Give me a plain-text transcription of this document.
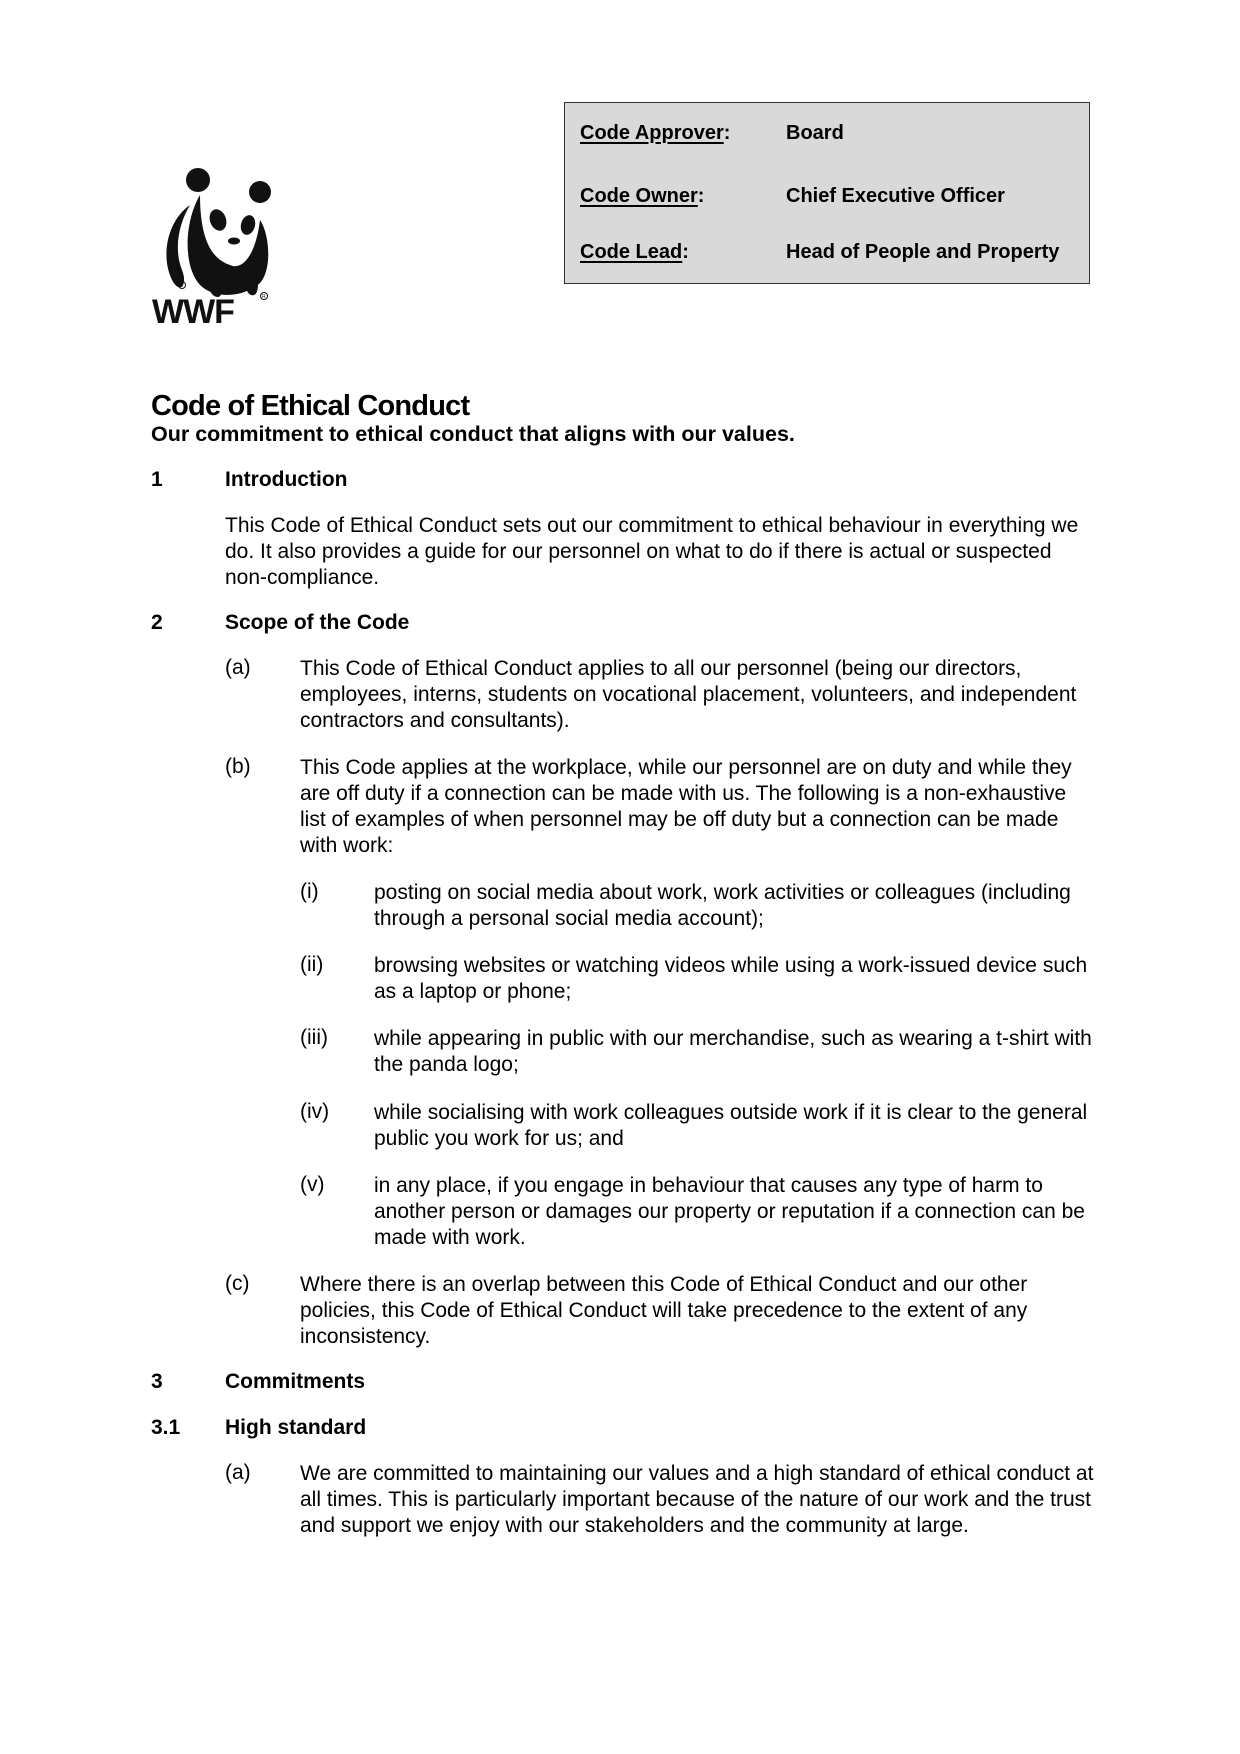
c
R
WWF
Code Approver:	Board
Code Owner:	Chief Executive Officer
Code Lead:	Head of People and Property
Code of Ethical Conduct
Our commitment to ethical conduct that aligns with our values.
1	Introduction
This Code of Ethical Conduct sets out our commitment to ethical behaviour in everything we do. It also provides a guide for our personnel on what to do if there is actual or suspected non-compliance.
2	Scope of the Code
(a) This Code of Ethical Conduct applies to all our personnel (being our directors, employees, interns, students on vocational placement, volunteers, and independent contractors and consultants).
(b) This Code applies at the workplace, while our personnel are on duty and while they are off duty if a connection can be made with us. The following is a non-exhaustive list of examples of when personnel may be off duty but a connection can be made with work:
(i)	posting on social media about work, work activities or colleagues (including through a personal social media account);
(ii) browsing websites or watching videos while using a work-issued device such as a laptop or phone;
(iii) while appearing in public with our merchandise, such as wearing a t-shirt with the panda logo;
(iv) while socialising with work colleagues outside work if it is clear to the general public you work for us; and
(v) in any place, if you engage in behaviour that causes any type of harm to another person or damages our property or reputation if a connection can be made with work.
(c) Where there is an overlap between this Code of Ethical Conduct and our other policies, this Code of Ethical Conduct will take precedence to the extent of any inconsistency.
3	Commitments
3.1 High standard
(a) We are committed to maintaining our values and a high standard of ethical conduct at all times. This is particularly important because of the nature of our work and the trust and support we enjoy with our stakeholders and the community at large.
